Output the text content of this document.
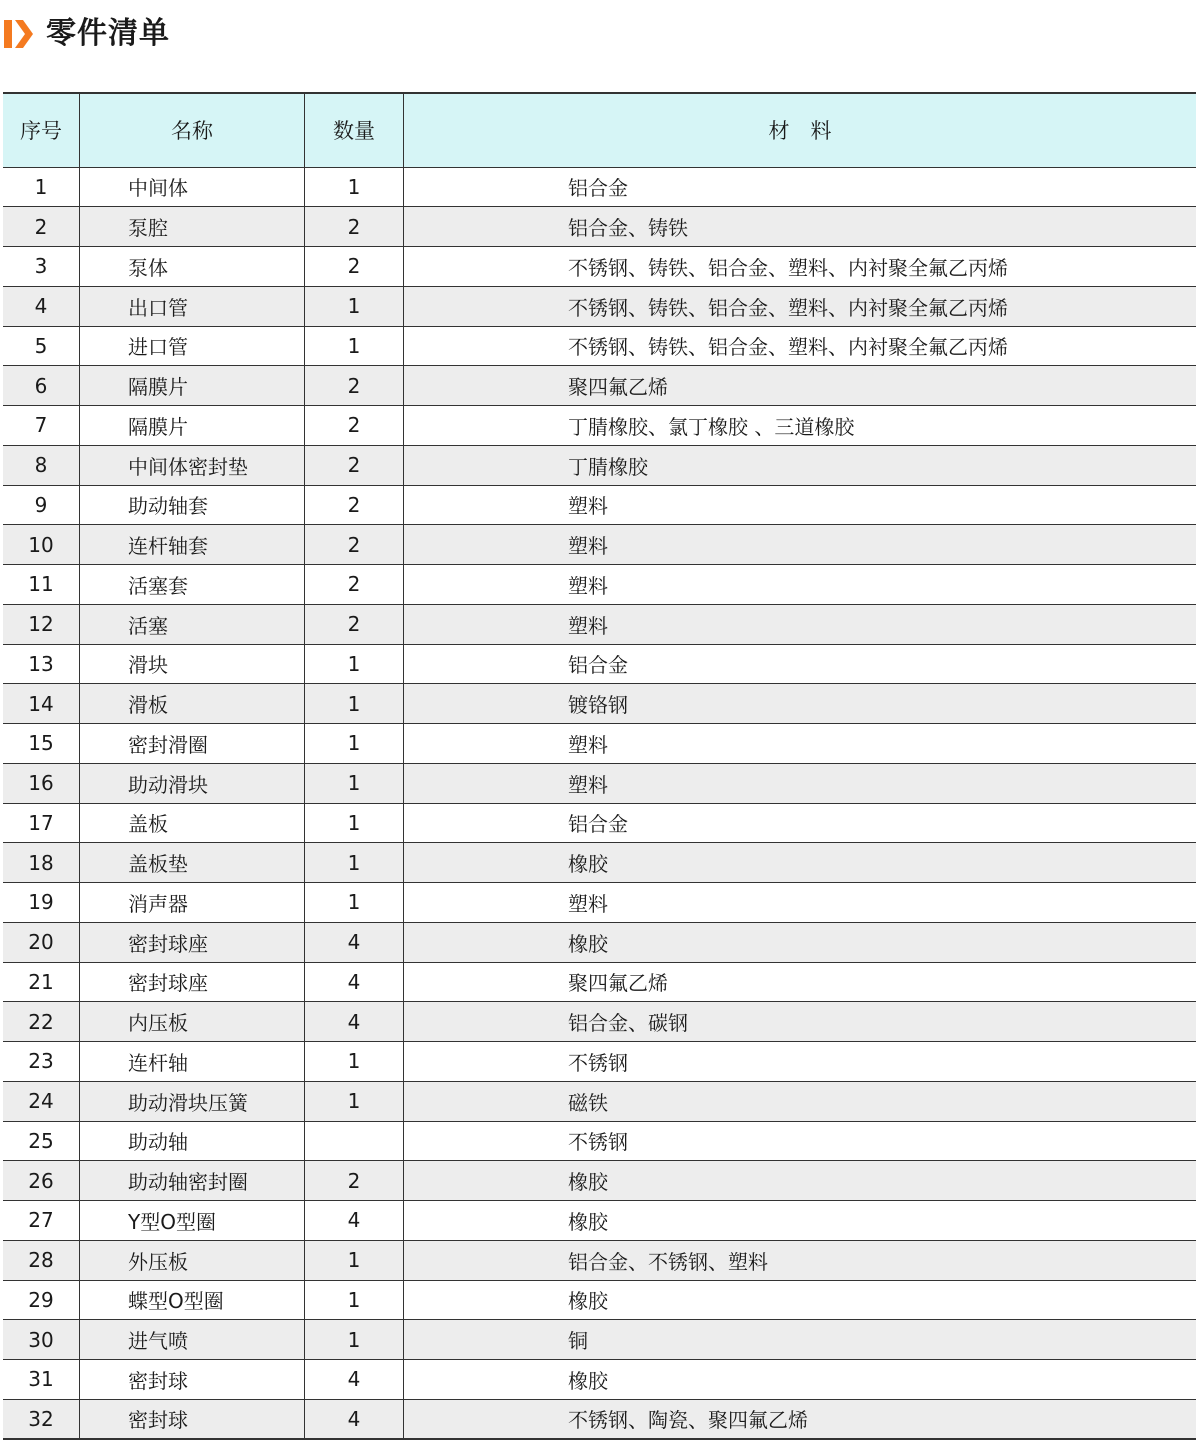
零件清单
序号	名称	数量	材　料
1	中间体	1	铝合金
2	泵腔	2	铝合金、铸铁
3	泵体	2	不锈钢、铸铁、铝合金、塑料、内衬聚全氟乙丙烯
4	出口管	1	不锈钢、铸铁、铝合金、塑料、内衬聚全氟乙丙烯
5	进口管	1	不锈钢、铸铁、铝合金、塑料、内衬聚全氟乙丙烯
6	隔膜片	2	聚四氟乙烯
7	隔膜片	2	丁腈橡胶、氯丁橡胶 、三道橡胶
8	中间体密封垫	2	丁腈橡胶
9	助动轴套	2	塑料
10	连杆轴套	2	塑料
11	活塞套	2	塑料
12	活塞	2	塑料
13	滑块	1	铝合金
14	滑板	1	镀铬钢
15	密封滑圈	1	塑料
16	助动滑块	1	塑料
17	盖板	1	铝合金
18	盖板垫	1	橡胶
19	消声器	1	塑料
20	密封球座	4	橡胶
21	密封球座	4	聚四氟乙烯
22	内压板	4	铝合金、碳钢
23	连杆轴	1	不锈钢
24	助动滑块压簧	1	磁铁
25	助动轴		不锈钢
26	助动轴密封圈	2	橡胶
27	Y型O型圈	4	橡胶
28	外压板	1	铝合金、不锈钢、塑料
29	蝶型O型圈	1	橡胶
30	进气喷	1	铜
31	密封球	4	橡胶
32	密封球	4	不锈钢、陶瓷、聚四氟乙烯
